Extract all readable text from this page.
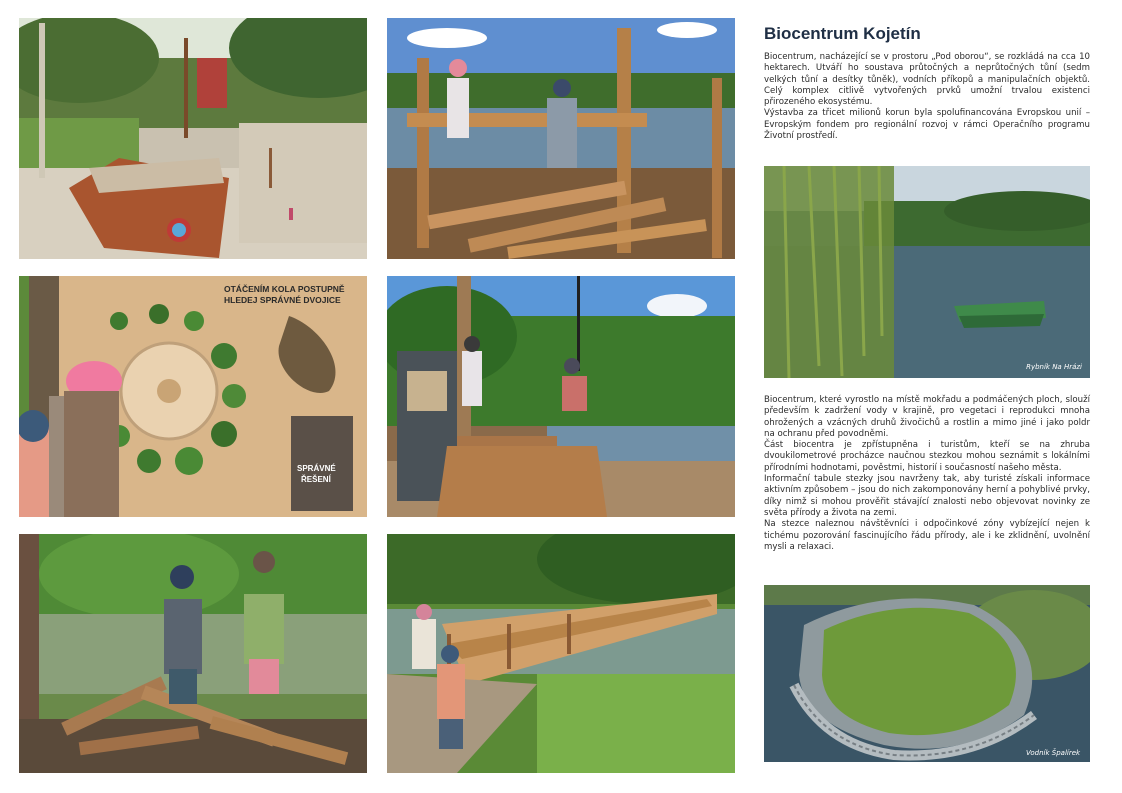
OTÁČENÍM KOLA POSTUPNĚ
HLEDEJ SPRÁVNÉ DVOJICE
SPRÁVNÉ
ŘEŠENÍ
Biocentrum Kojetín

Biocentrum, nacházející se v prostoru „Pod oborou“, se rozkládá na cca 10 hektarech. Utváří ho soustava průtočných a neprůtočných tůní (sedm velkých tůní a desítky tůněk), vodních příkopů a manipulačních objektů. Celý komplex citlivě vytvořených prvků umožní trvalou existenci přirozeného ekosystému.

Výstavba za třicet milionů korun byla spolufinancována Evropskou unií – Evropským fondem pro regionální rozvoj v rámci Operačního programu Životní prostředí.

Rybník Na Hrázi

Biocentrum, které vyrostlo na místě mokřadu a podmáčených ploch, slouží především k zadržení vody v krajině, pro vegetaci i reprodukci mnoha ohrožených a vzácných druhů živočichů a rostlin a mimo jiné i jako poldr na ochranu před povodněmi.

Část biocentra je zpřístupněna i turistům, kteří se na zhruba dvoukilometrové procházce naučnou stezkou mohou seznámit s lokálními přírodními hodnotami, pověstmi, historií i současností našeho města.

Informační tabule stezky jsou navrženy tak, aby turisté získali informace aktivním způsobem – jsou do nich zakomponovány herní a pohyblivé prvky, díky nimž si mohou prověřit stávající znalosti nebo objevovat novinky ze světa přírody a života na zemi.

Na stezce naleznou návštěvníci i odpočinkové zóny vybízející nejen k tichému pozorování fascinujícího řádu přírody, ale i ke zklidnění, uvolnění mysli a relaxaci.

Vodník Špalírek
